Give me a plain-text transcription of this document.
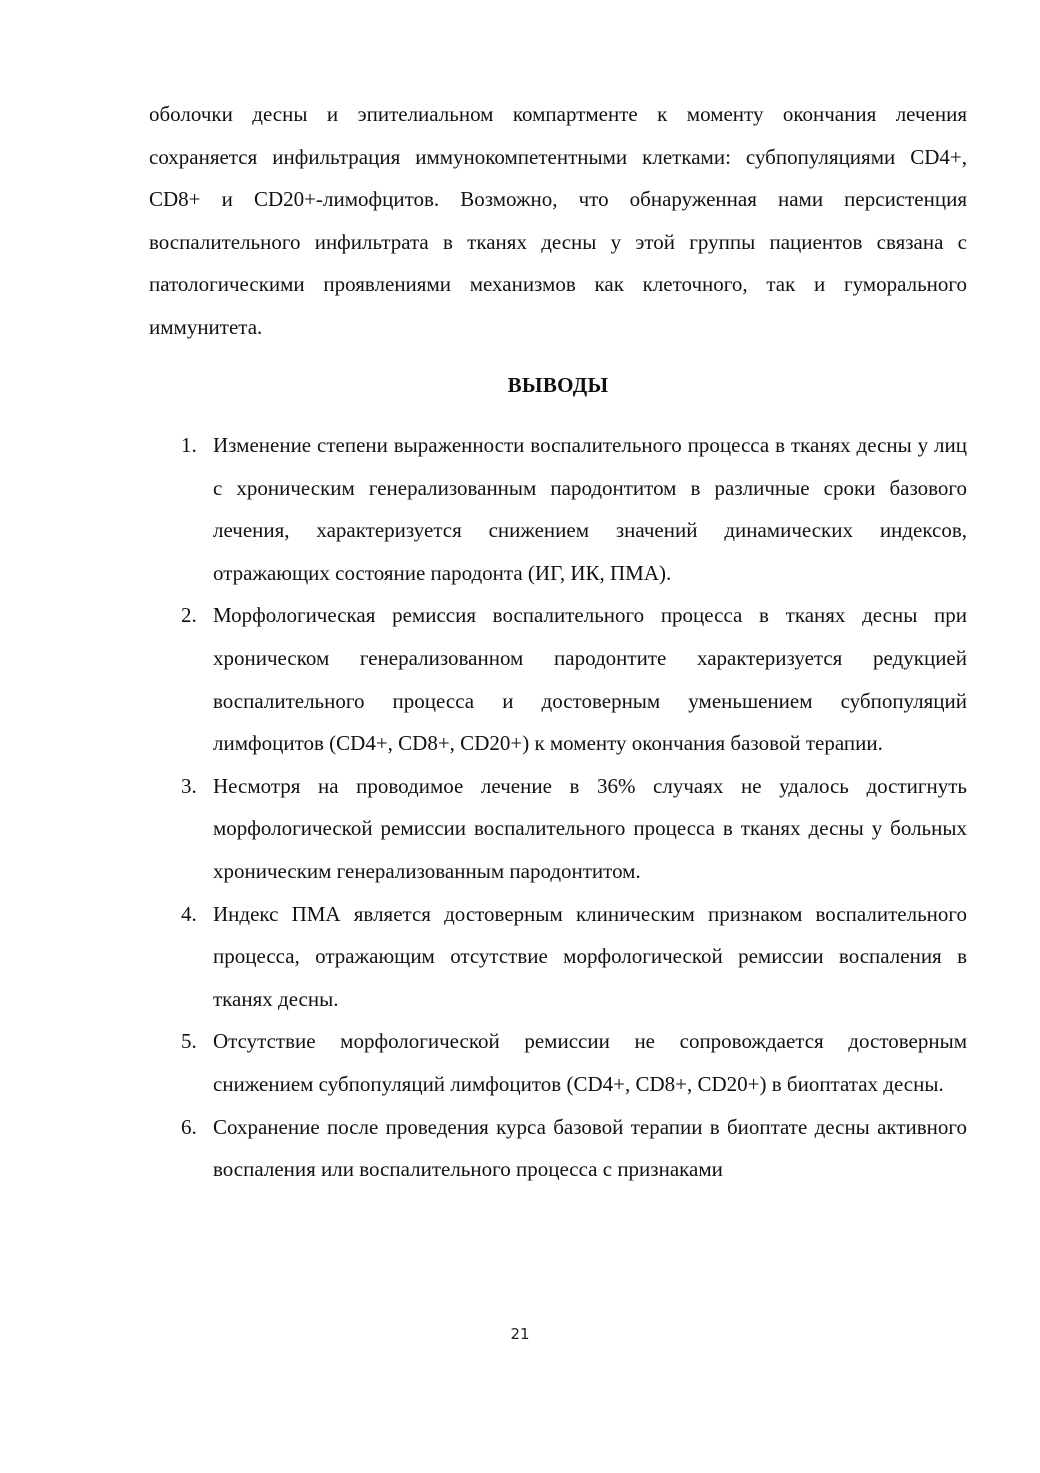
оболочки десны и эпителиальном компартменте к моменту окончания лечения сохраняется инфильтрация иммунокомпетентными клетками: субпопуляциями CD4+, CD8+ и CD20+-лимофцитов. Возможно, что обнаруженная нами персистенция воспалительного инфильтрата в тканях десны у этой группы пациентов связана с патологическими проявлениями механизмов как клеточного, так и гуморального иммунитета.

ВЫВОДЫ
1. Изменение степени выраженности воспалительного процесса в тканях десны у лиц с хроническим генерализованным пародонтитом в различные сроки базового лечения, характеризуется снижением значений динамических индексов, отражающих состояние пародонта (ИГ, ИК, ПМА).
2. Морфологическая ремиссия воспалительного процесса в тканях десны при хроническом генерализованном пародонтите характеризуется редукцией воспалительного процесса и достоверным уменьшением субпопуляций лимфоцитов (CD4+, CD8+, CD20+) к моменту окончания базовой терапии.
3. Несмотря на проводимое лечение в 36% случаях не удалось достигнуть морфологической ремиссии воспалительного процесса в тканях десны у больных хроническим генерализованным пародонтитом.
4. Индекс ПМА является достоверным клиническим признаком воспалительного процесса, отражающим отсутствие морфологической ремиссии воспаления в тканях десны.
5. Отсутствие морфологической ремиссии не сопровождается достоверным снижением субпопуляций лимфоцитов (CD4+, CD8+, CD20+) в биоптатах десны.
6. Сохранение после проведения курса базовой терапии в биоптате десны активного воспаления или воспалительного процесса с признаками
21
